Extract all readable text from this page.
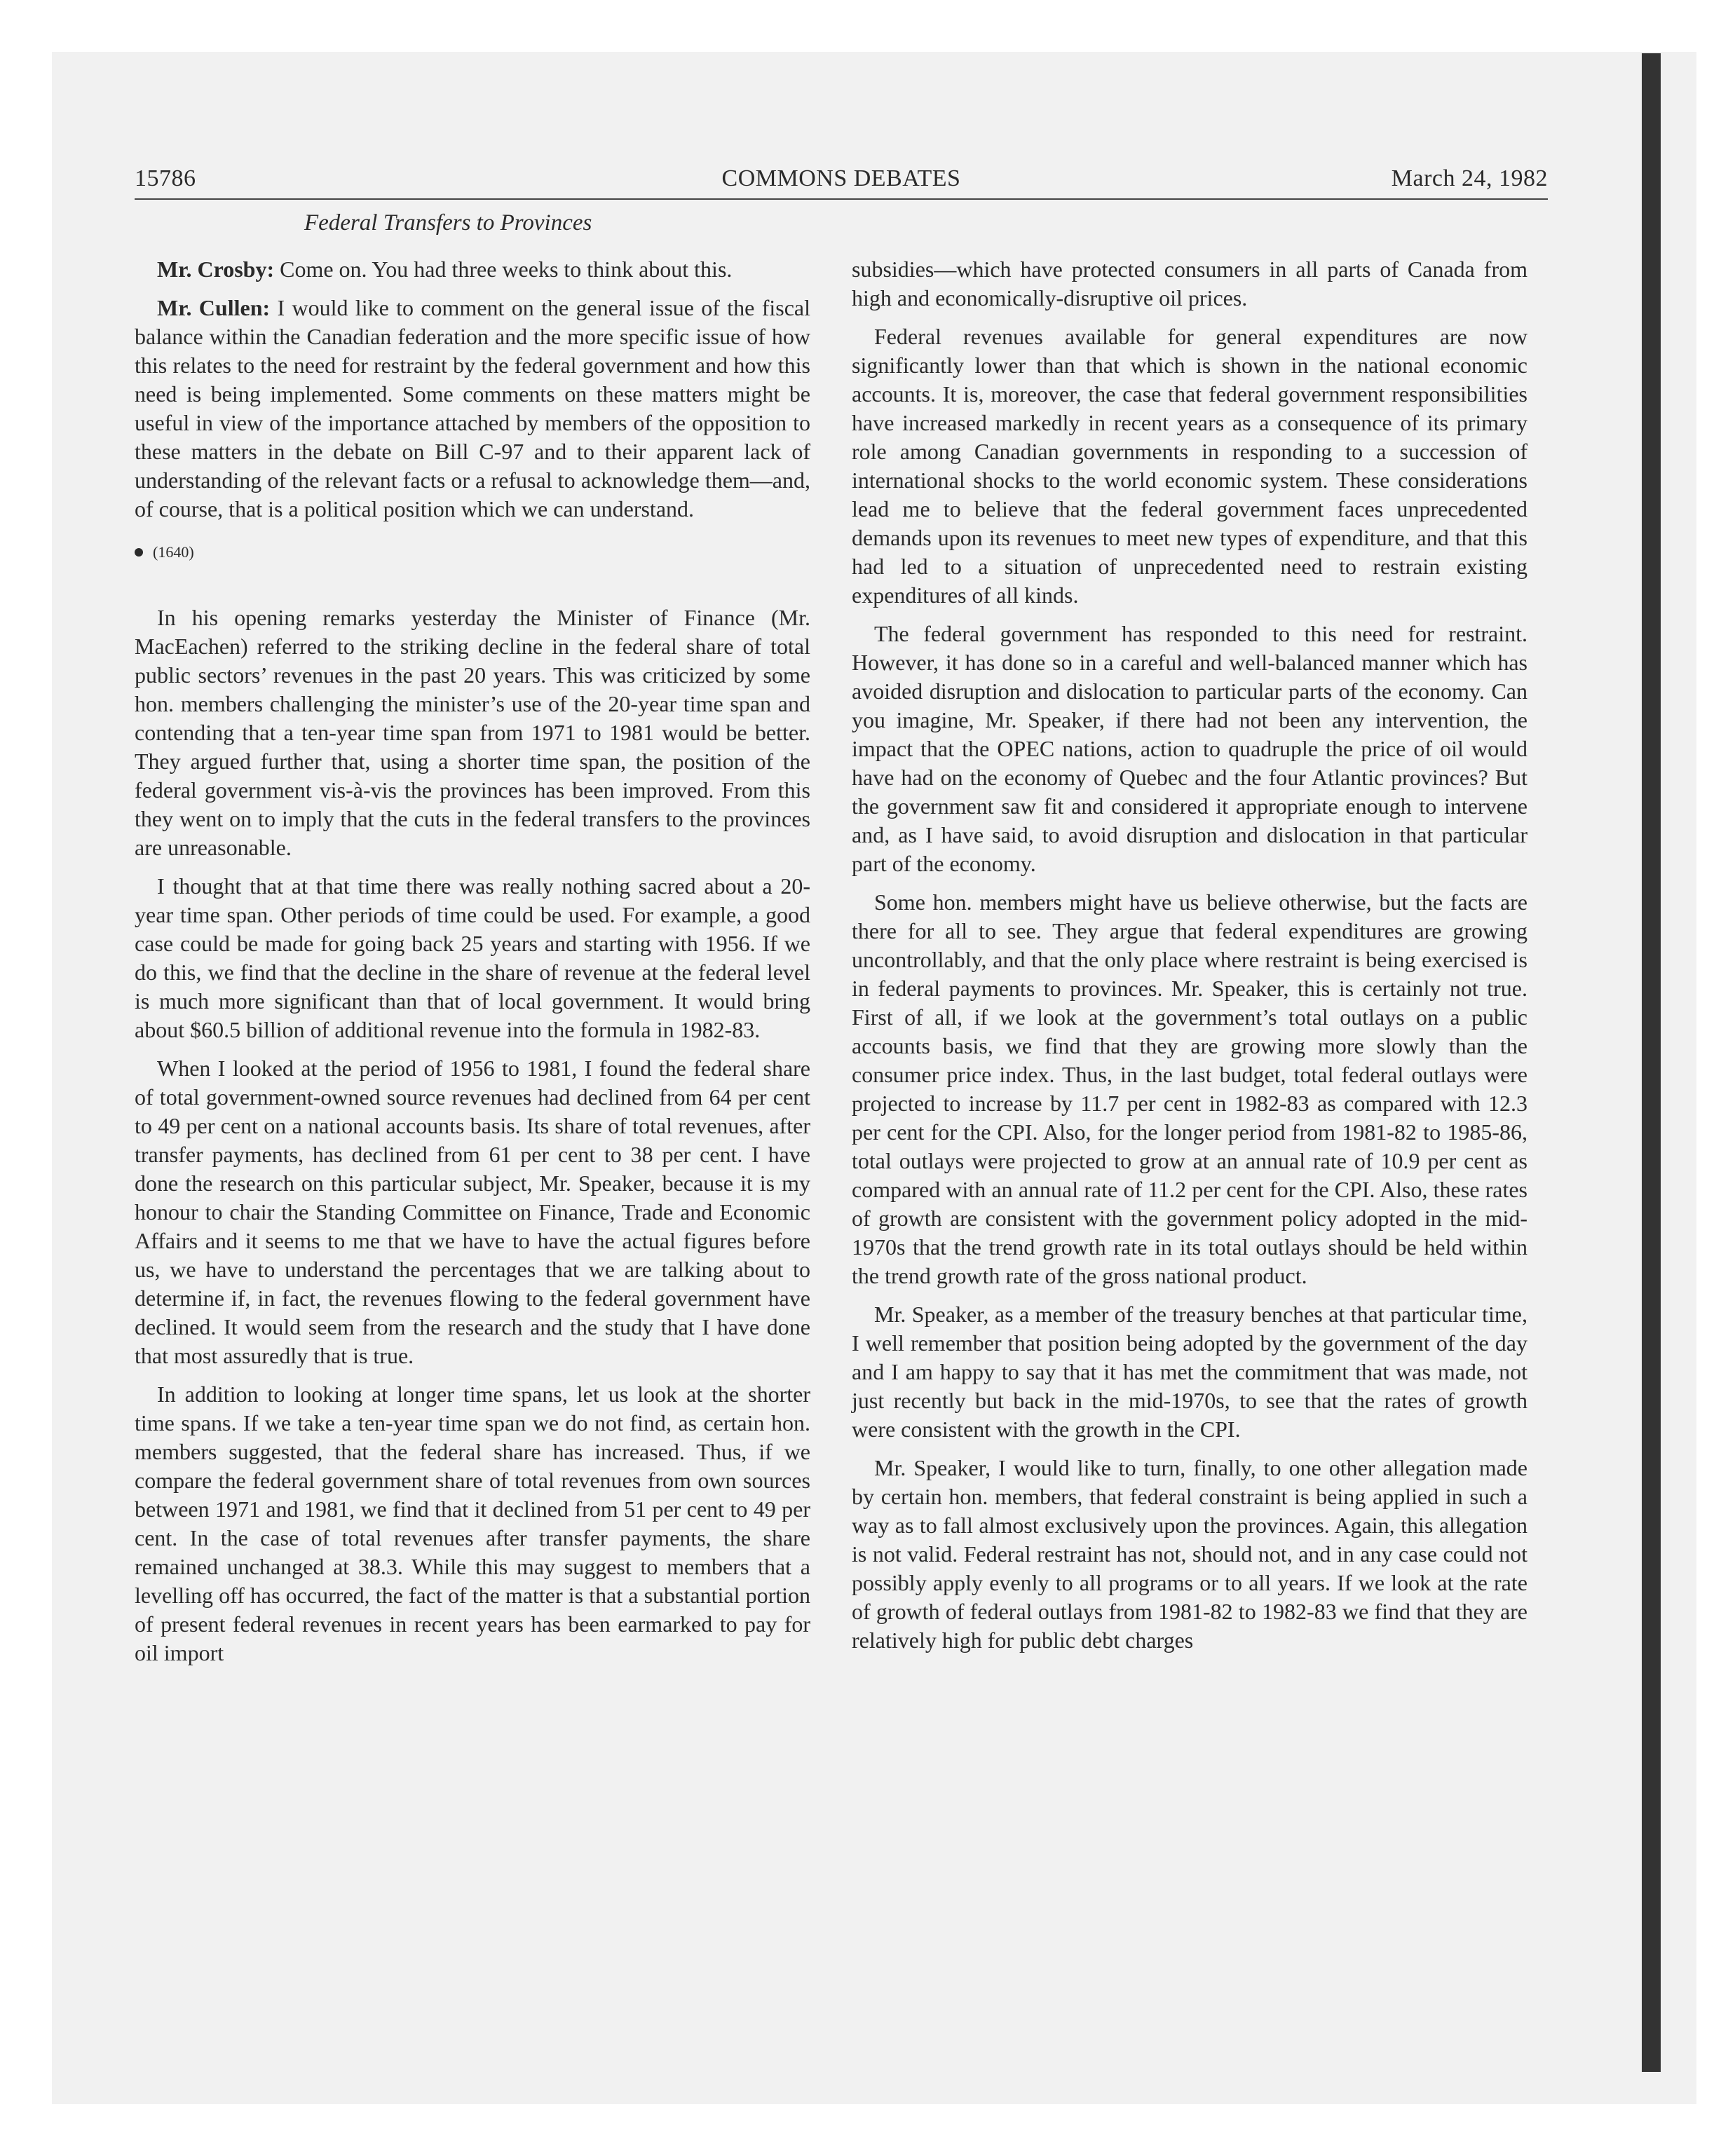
15786	COMMONS DEBATES	March 24, 1982
Federal Transfers to Provinces

Mr. Crosby: Come on. You had three weeks to think about this.

Mr. Cullen: I would like to comment on the general issue of the fiscal balance within the Canadian federation and the more specific issue of how this relates to the need for restraint by the federal government and how this need is being implemented. Some comments on these matters might be useful in view of the importance attached by members of the opposition to these matters in the debate on Bill C-97 and to their apparent lack of understanding of the relevant facts or a refusal to acknowledge them—and, of course, that is a political position which we can understand.

(1640)

In his opening remarks yesterday the Minister of Finance (Mr. MacEachen) referred to the striking decline in the federal share of total public sectors’ revenues in the past 20 years. This was criticized by some hon. members challenging the minister’s use of the 20-year time span and contending that a ten-year time span from 1971 to 1981 would be better. They argued further that, using a shorter time span, the position of the federal government vis-à-vis the provinces has been improved. From this they went on to imply that the cuts in the federal transfers to the provinces are unreasonable.

I thought that at that time there was really nothing sacred about a 20-year time span. Other periods of time could be used. For example, a good case could be made for going back 25 years and starting with 1956. If we do this, we find that the decline in the share of revenue at the federal level is much more significant than that of local government. It would bring about $60.5 billion of additional revenue into the formula in 1982-83.

When I looked at the period of 1956 to 1981, I found the federal share of total government-owned source revenues had declined from 64 per cent to 49 per cent on a national accounts basis. Its share of total revenues, after transfer payments, has declined from 61 per cent to 38 per cent. I have done the research on this particular subject, Mr. Speaker, because it is my honour to chair the Standing Committee on Finance, Trade and Economic Affairs and it seems to me that we have to have the actual figures before us, we have to understand the percentages that we are talking about to determine if, in fact, the revenues flowing to the federal government have declined. It would seem from the research and the study that I have done that most assuredly that is true.

In addition to looking at longer time spans, let us look at the shorter time spans. If we take a ten-year time span we do not find, as certain hon. members suggested, that the federal share has increased. Thus, if we compare the federal government share of total revenues from own sources between 1971 and 1981, we find that it declined from 51 per cent to 49 per cent. In the case of total revenues after transfer payments, the share remained unchanged at 38.3. While this may suggest to members that a levelling off has occurred, the fact of the matter is that a substantial portion of present federal revenues in recent years has been earmarked to pay for oil import

subsidies—which have protected consumers in all parts of Canada from high and economically-disruptive oil prices.

Federal revenues available for general expenditures are now significantly lower than that which is shown in the national economic accounts. It is, moreover, the case that federal government responsibilities have increased markedly in recent years as a consequence of its primary role among Canadian governments in responding to a succession of international shocks to the world economic system. These considerations lead me to believe that the federal government faces unprecedented demands upon its revenues to meet new types of expenditure, and that this had led to a situation of unprecedented need to restrain existing expenditures of all kinds.

The federal government has responded to this need for restraint. However, it has done so in a careful and well-balanced manner which has avoided disruption and dislocation to particular parts of the economy. Can you imagine, Mr. Speaker, if there had not been any intervention, the impact that the OPEC nations, action to quadruple the price of oil would have had on the economy of Quebec and the four Atlantic provinces? But the government saw fit and considered it appropriate enough to intervene and, as I have said, to avoid disruption and dislocation in that particular part of the economy.

Some hon. members might have us believe otherwise, but the facts are there for all to see. They argue that federal expenditures are growing uncontrollably, and that the only place where restraint is being exercised is in federal payments to provinces. Mr. Speaker, this is certainly not true. First of all, if we look at the government’s total outlays on a public accounts basis, we find that they are growing more slowly than the consumer price index. Thus, in the last budget, total federal outlays were projected to increase by 11.7 per cent in 1982-83 as compared with 12.3 per cent for the CPI. Also, for the longer period from 1981-82 to 1985-86, total outlays were projected to grow at an annual rate of 10.9 per cent as compared with an annual rate of 11.2 per cent for the CPI. Also, these rates of growth are consistent with the government policy adopted in the mid-1970s that the trend growth rate in its total outlays should be held within the trend growth rate of the gross national product.

Mr. Speaker, as a member of the treasury benches at that particular time, I well remember that position being adopted by the government of the day and I am happy to say that it has met the commitment that was made, not just recently but back in the mid-1970s, to see that the rates of growth were consistent with the growth in the CPI.

Mr. Speaker, I would like to turn, finally, to one other allegation made by certain hon. members, that federal constraint is being applied in such a way as to fall almost exclusively upon the provinces. Again, this allegation is not valid. Federal restraint has not, should not, and in any case could not possibly apply evenly to all programs or to all years. If we look at the rate of growth of federal outlays from 1981-82 to 1982-83 we find that they are relatively high for public debt charges
